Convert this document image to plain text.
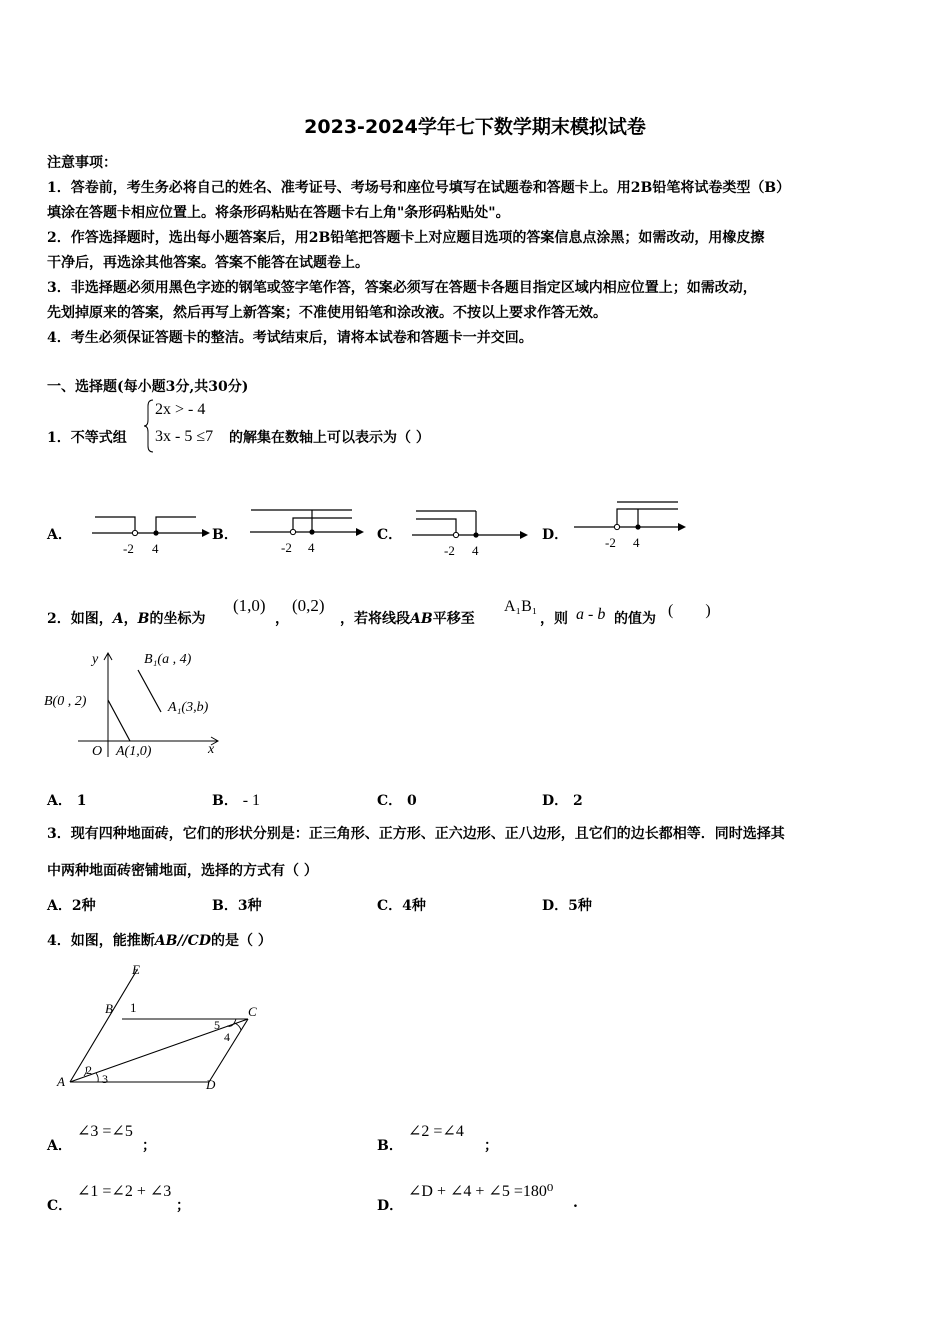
2023-2024学年七下数学期末模拟试卷
注意事项：
1．答卷前，考生务必将自己的姓名、准考证号、考场号和座位号填写在试题卷和答题卡上。用2B铅笔将试卷类型（B）
填涂在答题卡相应位置上。将条形码粘贴在答题卡右上角"条形码粘贴处"。
2．作答选择题时，选出每小题答案后，用2B铅笔把答题卡上对应题目选项的答案信息点涂黑；如需改动，用橡皮擦
干净后，再选涂其他答案。答案不能答在试题卷上。
3．非选择题必须用黑色字迹的钢笔或签字笔作答，答案必须写在答题卡各题目指定区域内相应位置上；如需改动，
先划掉原来的答案，然后再写上新答案；不准使用铅笔和涂改液。不按以上要求作答无效。
4．考生必须保证答题卡的整洁。考试结束后，请将本试卷和答题卡一并交回。
一、选择题(每小题3分,共30分)
1．不等式组
2x > - 4
3x - 5 ≤7 的解集在数轴上可以表示为（ ）
A．
-2 4
B．
-2 4
C．
-2 4
D．	-2 4
2．如图，A，B的坐标为
(1,0)
，
(0,2)
，若将线段AB平移至
A₁B₁
，则 a - b 的值为 (        )
y
x
O
B(0 , 2)
A(1,0)
B₁(a , 4)
A₁(3,b)
A． 1	B． - 1	C． 0	D． 2
3．现有四种地面砖，它们的形状分别是：正三角形、正方形、正六边形、正八边形，且它们的边长都相等．同时选择其
中两种地面砖密铺地面，选择的方式有（ ）
A．2种	B．3种	C．4种	D．5种
4．如图，能推断AB//CD的是（ ）
E
B 1	C
5
4
A
2
3	D
A．
∠3 =∠5
；	B．
∠2 =∠4
；
C．
∠1 =∠2 + ∠3
；	D．
∠D + ∠4 + ∠5 =180⁰
.
